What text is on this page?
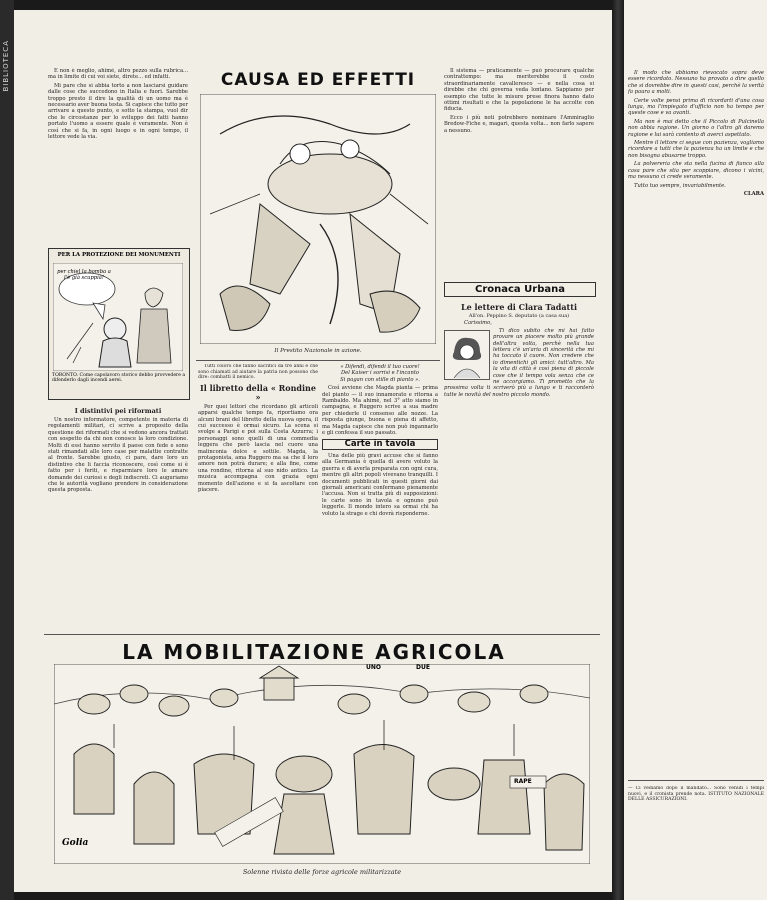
BIBLIOTECA	E non è meglio, ahimè, altro pezzo sulla rubrica... ma in limite di cui voi siete, direte... ed infatti.

Mi pare che si abbia torto a non lasciarsi guidare dalle cose che succedono in Italia e fuori. Sarebbe troppo presto il dire la qualità di un uomo ma è necessario aver buona testa. Si capisce che tutto per arrivare a questo punto, e sotto la stampa, vuol dir che le circostanze per lo sviluppo dei fatti hanno portato l'uomo a essere quale è veramente. Non è così che si fa, in ogni luogo e in ogni tempo, il lettore vede la via.

PER LA PROTEZIONE DEI MONUMENTI
per chiel la bomba a l'è già scuppià!
TORONTO. Come capolavoro storico debbo provvedere a difenderlo dagli incendi aerei.
I distintivi pei riformati

Un nostro informatore, competente in materia di regolamenti militari, ci scrive a proposito della questione dei riformati che si vedono ancora trattati con sospetto da chi non conosce la loro condizione. Molti di essi hanno servito il paese con fede e sono stati rimandati alle loro case per malattie contratte al fronte. Sarebbe giusto, ci pare, dare loro un distintivo che li faccia riconoscere, così come si è fatto per i feriti, e risparmiare loro le amare domande dei curiosi e degli indiscreti. Ci auguriamo che le autorità vogliano prendere in considerazione questa proposta.

CAUSA ED EFFETTI
Il Prestito Nazionale in azione.

Tutti coloro che fanno sacrifici da tre anni e che sono chiamati ad aiutare la patria non possono che dire: combatti il nemico.

Il libretto della « Rondine »

Per quei lettori che ricordano gli articoli apparsi qualche tempo fa, riportiamo ora alcuni brani del libretto della nuova opera, il cui successo è ormai sicuro. La scena si svolge a Parigi e poi sulla Costa Azzurra; i personaggi sono quelli di una commedia leggera che però lascia nel cuore una malinconia dolce e sottile. Magda, la protagonista, ama Ruggero ma sa che il loro amore non potrà durare; e alla fine, come una rondine, ritorna al suo nido antico. La musica accompagna con grazia ogni momento dell'azione e si fa ascoltare con piacere.

« Difendi, difendi il tuo cuore!
Del Kaiser i sorrisi e l'incanto
Si pagan con stille di pianto ».

Così avviene che Magda pianta — prima del pianto — il suo innamorato e ritorna a Rambaldo. Ma ahimè, nel 3° atto siamo in campagna, e Ruggero scrive a sua madre per chiederle il consenso alle nozze. La risposta giunge, buona e piena di affetto, ma Magda capisce che non può ingannarlo e gli confessa il suo passato.

Carte in tavola

Una delle più gravi accuse che si fanno alla Germania è quella di avere voluto la guerra e di averla preparata con ogni cura, mentre gli altri popoli vivevano tranquilli. I documenti pubblicati in questi giorni dai giornali americani confermano pienamente l'accusa. Non si tratta più di supposizioni: le carte sono in tavola e ognuno può leggerle. Il mondo intero sa ormai chi ha voluto la strage e chi dovrà risponderne.

Il sistema — praticamente — può procurare qualche contrattempo: ma meriterebbe il costo straordinariamente cavalleresco — e nella cosa si direbbe che chi governa veda lontano. Sappiamo per esempio che tutte le misure prese finora hanno dato ottimi risultati e che la popolazione le ha accolte con fiducia.

Ecco i più noti potrebbero nominare l'Ammiraglio Bredow-Fiche e, magari, questa volta... non farlo sapere a nessuno.

Cronaca Urbana
Le lettere di Clara Tadatti
All'on. Peppino S. deputato (a casa sua)
Carissimo,

Ti dico subito che mi hai fatto provare un piacere molto più grande dell'altra volta, perchè nella tua lettera c'è un'aria di sincerità che mi ha toccato il cuore. Non credere che io dimentichi gli amici: tutt'altro. Ma la vita di città è così piena di piccole cose che il tempo vola senza che ce ne accorgiamo. Ti prometto che la prossima volta ti scriverò più a lungo e ti racconterò tutte le novità del nostro piccolo mondo.

LA MOBILITAZIONE AGRICOLA
UNO	DUE
RAPE
Golia
Solenne rivista delle forze agricole militarizzate

Il modo che abbiamo rievocato sopra deve essere ricordato. Nessuno ha provato a dire quello che si dovrebbe dire in questi casi, perchè la verità fa paura a molti.

Certe volte pensi prima di ricordarti d'una cosa lunga, ma l'impiegato d'ufficio non ha tempo per queste cose e va avanti.

Ma non è mai detto che il Piccolo di Pulcinella non abbia ragione. Un giorno o l'altro gli daremo ragione e lui sarà contento di averci aspettato.

Mentre il lettore ci segue con pazienza, vogliamo ricordare a tutti che la pazienza ha un limite e che non bisogna abusarne troppo.

La polvereria che sta nella fucina di fianco alla casa pare che stia per scoppiare, dicono i vicini, ma nessuno ci crede veramente.

Tutto tuo sempre, invariabilmente.

CLARA
— Ci vediamo dopo il mandato... Sono venuti i tempi nuovi, e il cronista prende nota. ISTITUTO NAZIONALE DELLE ASSICURAZIONI.
